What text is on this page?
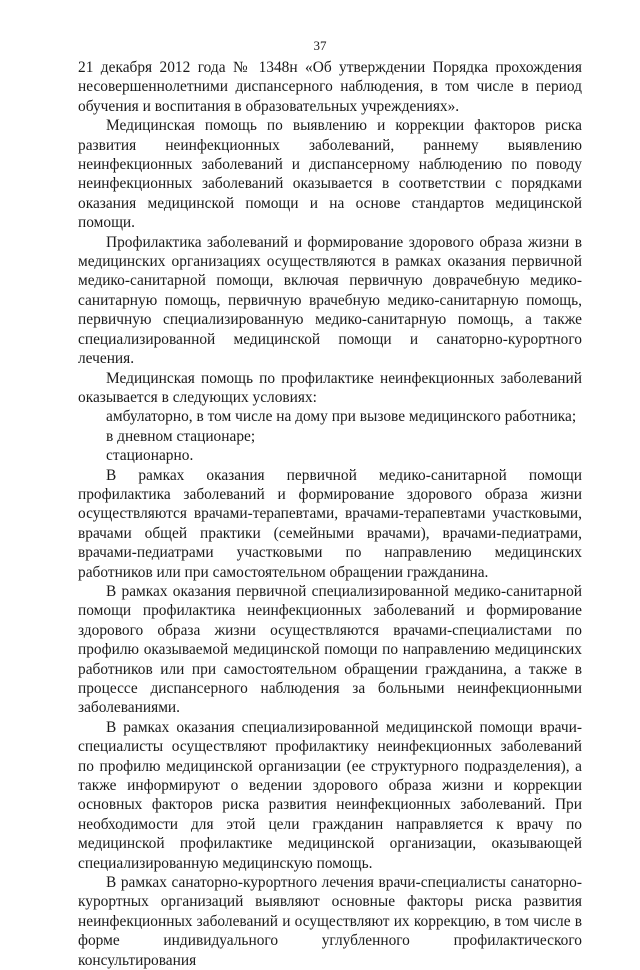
37

21 декабря 2012 года № 1348н «Об утверждении Порядка прохождения несовершеннолетними диспансерного наблюдения, в том числе в период обучения и воспитания в образовательных учреждениях».

Медицинская помощь по выявлению и коррекции факторов риска развития неинфекционных заболеваний, раннему выявлению неинфекционных заболеваний и диспансерному наблюдению по поводу неинфекционных заболеваний оказывается в соответствии с порядками оказания медицинской помощи и на основе стандартов медицинской помощи.

Профилактика заболеваний и формирование здорового образа жизни в медицинских организациях осуществляются в рамках оказания первичной медико-санитарной помощи, включая первичную доврачебную медико-санитарную помощь, первичную врачебную медико-санитарную помощь, первичную специализированную медико-санитарную помощь, а также специализированной медицинской помощи и санаторно-курортного лечения.

Медицинская помощь по профилактике неинфекционных заболеваний оказывается в следующих условиях:

амбулаторно, в том числе на дому при вызове медицинского работника;

в дневном стационаре;

стационарно.

В рамках оказания первичной медико-санитарной помощи профилактика заболеваний и формирование здорового образа жизни осуществляются врачами-терапевтами, врачами-терапевтами участковыми, врачами общей практики (семейными врачами), врачами-педиатрами, врачами-педиатрами участковыми по направлению медицинских работников или при самостоятельном обращении гражданина.

В рамках оказания первичной специализированной медико-санитарной помощи профилактика неинфекционных заболеваний и формирование здорового образа жизни осуществляются врачами-специалистами по профилю оказываемой медицинской помощи по направлению медицинских работников или при самостоятельном обращении гражданина, а также в процессе диспансерного наблюдения за больными неинфекционными заболеваниями.

В рамках оказания специализированной медицинской помощи врачи-специалисты осуществляют профилактику неинфекционных заболеваний по профилю медицинской организации (ее структурного подразделения), а также информируют о ведении здорового образа жизни и коррекции основных факторов риска развития неинфекционных заболеваний. При необходимости для этой цели гражданин направляется к врачу по медицинской профилактике медицинской организации, оказывающей специализированную медицинскую помощь.

В рамках санаторно-курортного лечения врачи-специалисты санаторно-курортных организаций выявляют основные факторы риска развития неинфекционных заболеваний и осуществляют их коррекцию, в том числе в форме индивидуального углубленного профилактического консультирования
